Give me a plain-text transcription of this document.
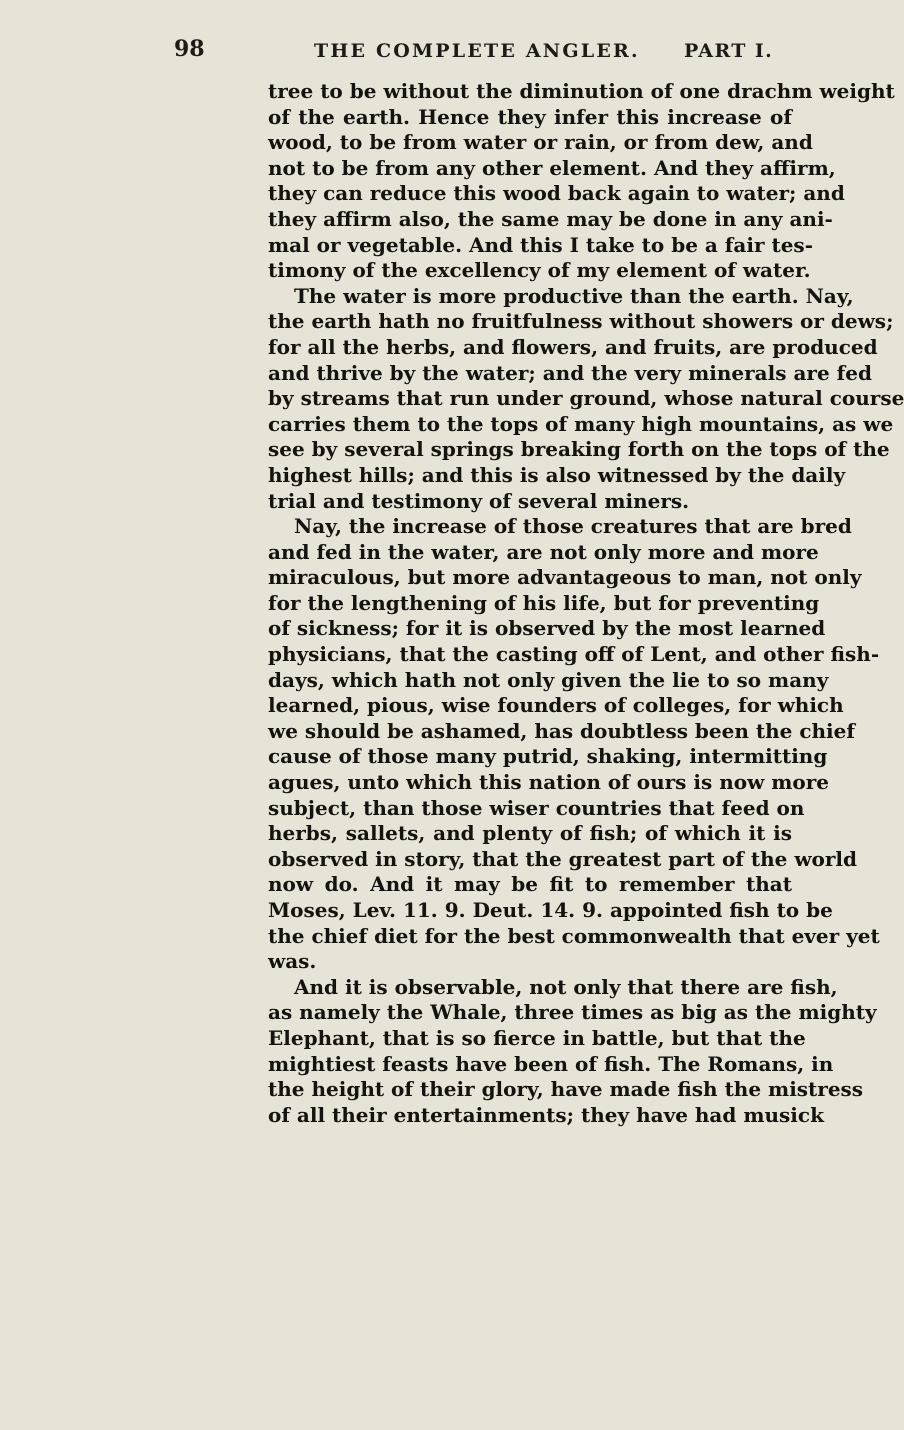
98	THE COMPLETE ANGLER. PART I.
tree to be without the diminution of one drachm weight
of the earth. Hence they infer this increase of
wood, to be from water or rain, or from dew, and
not to be from any other element. And they affirm,
they can reduce this wood back again to water; and
they affirm also, the same may be done in any ani-
mal or vegetable. And this I take to be a fair tes-
timony of the excellency of my element of water.
The water is more productive than the earth. Nay,
the earth hath no fruitfulness without showers or dews;
for all the herbs, and flowers, and fruits, are produced
and thrive by the water; and the very minerals are fed
by streams that run under ground, whose natural course
carries them to the tops of many high mountains, as we
see by several springs breaking forth on the tops of the
highest hills; and this is also witnessed by the daily
trial and testimony of several miners.
Nay, the increase of those creatures that are bred
and fed in the water, are not only more and more
miraculous, but more advantageous to man, not only
for the lengthening of his life, but for preventing
of sickness; for it is observed by the most learned
physicians, that the casting off of Lent, and other fish-
days, which hath not only given the lie to so many
learned, pious, wise founders of colleges, for which
we should be ashamed, has doubtless been the chief
cause of those many putrid, shaking, intermitting
agues, unto which this nation of ours is now more
subject, than those wiser countries that feed on
herbs, sallets, and plenty of fish; of which it is
observed in story, that the greatest part of the world
now do. And it may be fit to remember that
Moses, Lev. 11. 9. Deut. 14. 9. appointed fish to be
the chief diet for the best commonwealth that ever yet
was.
And it is observable, not only that there are fish,
as namely the Whale, three times as big as the mighty
Elephant, that is so fierce in battle, but that the
mightiest feasts have been of fish. The Romans, in
the height of their glory, have made fish the mistress
of all their entertainments; they have had musick
